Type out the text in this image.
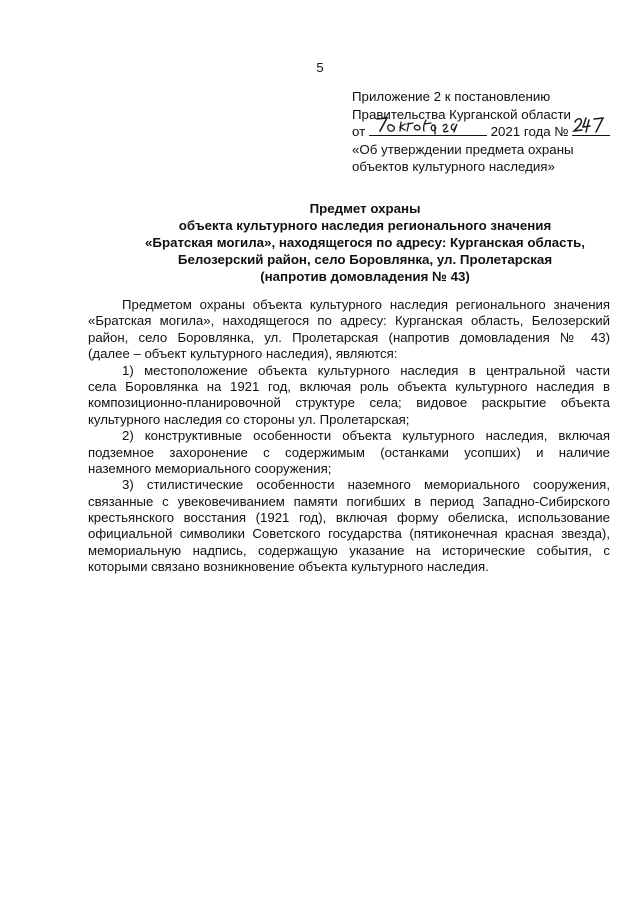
5
Приложение 2 к постановлению
Правительства Курганской области
от	2021 года №
«Об утверждении предмета охраны
объектов культурного наследия»
Предмет охраны
объекта культурного наследия регионального значения
«Братская могила», находящегося по адресу: Курганская область,
Белозерский район, село Боровлянка, ул. Пролетарская
(напротив домовладения № 43)
Предметом охраны объекта культурного наследия регионального значения
«Братская могила», находящегося по адресу: Курганская область, Белозерский
район, село Боровлянка, ул. Пролетарская (напротив домовладения № 43)
(далее – объект культурного наследия), являются:
1) местоположение объекта культурного наследия в центральной части
села Боровлянка на 1921 год, включая роль объекта культурного наследия в
композиционно-планировочной структуре села; видовое раскрытие объекта
культурного наследия со стороны ул. Пролетарская;
2) конструктивные особенности объекта культурного наследия, включая
подземное захоронение с содержимым (останками усопших) и наличие
наземного мемориального сооружения;
3) стилистические особенности наземного мемориального сооружения,
связанные с увековечиванием памяти погибших в период Западно-Сибирского
крестьянского восстания (1921 год), включая форму обелиска, использование
официальной символики Советского государства (пятиконечная красная звезда),
мемориальную надпись, содержащую указание на исторические события, с
которыми связано возникновение объекта культурного наследия.
